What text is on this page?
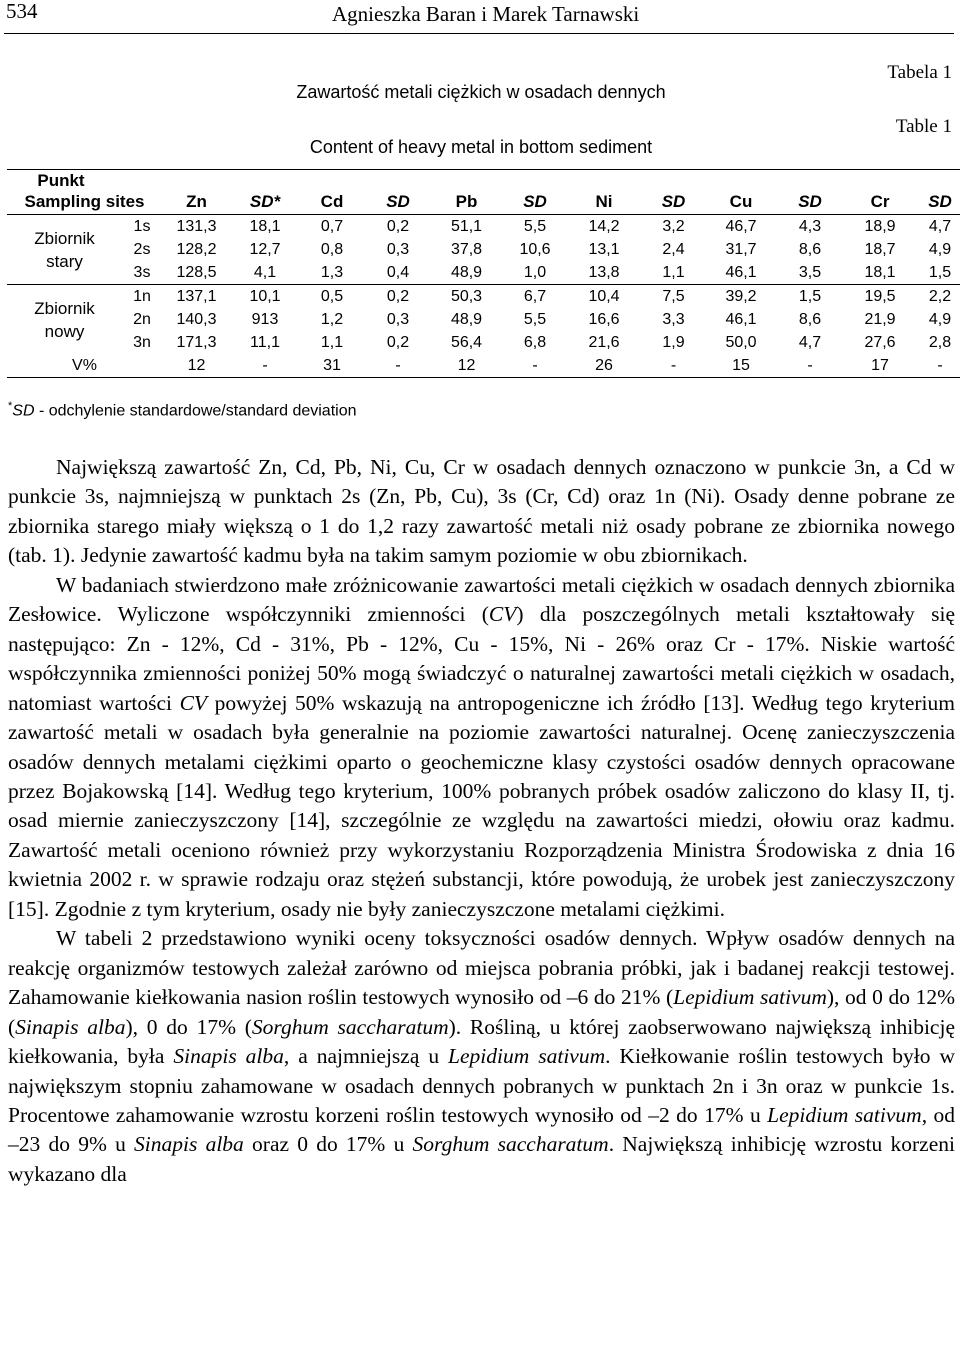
534	Agnieszka Baran i Marek Tarnawski
Tabela 1
Zawartość metali ciężkich w osadach dennych
Table 1
Content of heavy metal in bottom sediment
Punkt
Sampling sites		Zn	SD*	Cd	SD	Pb	SD	Ni	SD	Cu	SD	Cr	SD

Zbiornik
stary	1s	131,3	18,1	0,7	0,2	51,1	5,5	14,2	3,2	46,7	4,3	18,9	4,7
	2s	128,2	12,7	0,8	0,3	37,8	10,6	13,1	2,4	31,7	8,6	18,7	4,9
	3s	128,5	4,1	1,3	0,4	48,9	1,0	13,8	1,1	46,1	3,5	18,1	1,5

Zbiornik
nowy	1n	137,1	10,1	0,5	0,2	50,3	6,7	10,4	7,5	39,2	1,5	19,5	2,2
	2n	140,3	913	1,2	0,3	48,9	5,5	16,6	3,3	46,1	8,6	21,9	4,9
	3n	171,3	11,1	1,1	0,2	56,4	6,8	21,6	1,9	50,0	4,7	27,6	2,8
V%		12	-	31	-	12	-	26	-	15	-	17	-
*SD - odchylenie standardowe/standard deviation

Największą zawartość Zn, Cd, Pb, Ni, Cu, Cr w osadach dennych oznaczono w punkcie 3n, a Cd w punkcie 3s, najmniejszą w punktach 2s (Zn, Pb, Cu), 3s (Cr, Cd) oraz 1n (Ni). Osady denne pobrane ze zbiornika starego miały większą o 1 do 1,2 razy zawartość metali niż osady pobrane ze zbiornika nowego (tab. 1). Jedynie zawartość kadmu była na takim samym poziomie w obu zbiornikach.

W badaniach stwierdzono małe zróżnicowanie zawartości metali ciężkich w osadach dennych zbiornika Zesłowice. Wyliczone współczynniki zmienności (CV) dla poszczególnych metali kształtowały się następująco: Zn - 12%, Cd - 31%, Pb - 12%, Cu - 15%, Ni - 26% oraz Cr - 17%. Niskie wartość współczynnika zmienności poniżej 50% mogą świadczyć o naturalnej zawartości metali ciężkich w osadach, natomiast wartości CV powyżej 50% wskazują na antropogeniczne ich źródło [13]. Według tego kryterium zawartość metali w osadach była generalnie na poziomie zawartości naturalnej. Ocenę zanieczyszczenia osadów dennych metalami ciężkimi oparto o geochemiczne klasy czystości osadów dennych opracowane przez Bojakowską [14]. Według tego kryterium, 100% pobranych próbek osadów zaliczono do klasy II, tj. osad miernie zanieczyszczony [14], szczególnie ze względu na zawartości miedzi, ołowiu oraz kadmu. Zawartość metali oceniono również przy wykorzystaniu Rozporządzenia Ministra Środowiska z dnia 16 kwietnia 2002 r. w sprawie rodzaju oraz stężeń substancji, które powodują, że urobek jest zanieczyszczony [15]. Zgodnie z tym kryterium, osady nie były zanieczyszczone metalami ciężkimi.

W tabeli 2 przedstawiono wyniki oceny toksyczności osadów dennych. Wpływ osadów dennych na reakcję organizmów testowych zależał zarówno od miejsca pobrania próbki, jak i badanej reakcji testowej. Zahamowanie kiełkowania nasion roślin testowych wynosiło od –6 do 21% (Lepidium sativum), od 0 do 12% (Sinapis alba), 0 do 17% (Sorghum saccharatum). Rośliną, u której zaobserwowano największą inhibicję kiełkowania, była Sinapis alba, a najmniejszą u Lepidium sativum. Kiełkowanie roślin testowych było w największym stopniu zahamowane w osadach dennych pobranych w punktach 2n i 3n oraz w punkcie 1s. Procentowe zahamowanie wzrostu korzeni roślin testowych wynosiło od –2 do 17% u Lepidium sativum, od –23 do 9% u Sinapis alba oraz 0 do 17% u Sorghum saccharatum. Największą inhibicję wzrostu korzeni wykazano dla
